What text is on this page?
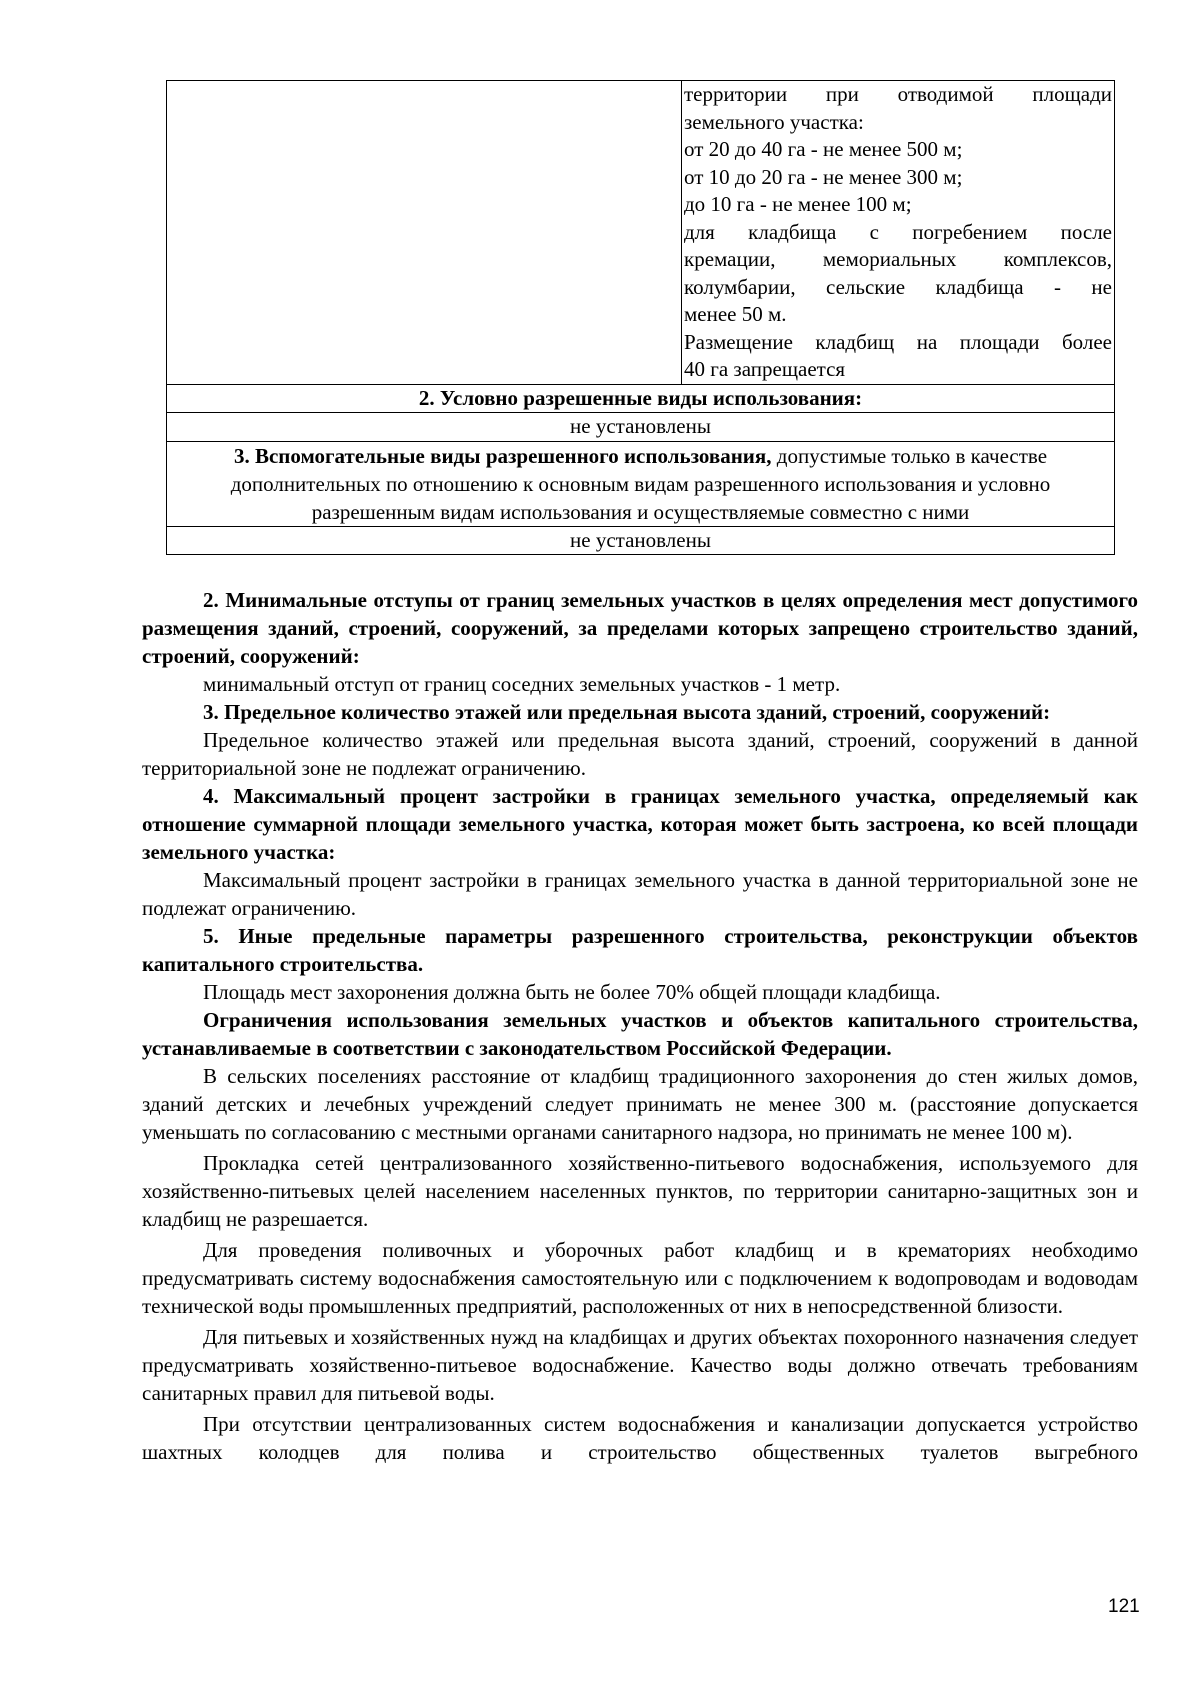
территории при отводимой площади

земельного участка:

от 20 до 40 га - не менее 500 м;

от 10 до 20 га - не менее 300 м;

до 10 га - не менее 100 м;

для кладбища с погребением после

кремации, мемориальных комплексов,

колумбарии, сельские кладбища - не

менее 50 м.

Размещение кладбищ на площади более

40 га запрещается

2. Условно разрешенные виды использования:
не установлены
3. Вспомогательные виды разрешенного использования, допустимые только в качестве дополнительных по отношению к основным видам разрешенного использования и условно разрешенным видам использования и осуществляемые совместно с ними
не установлены

2. Минимальные отступы от границ земельных участков в целях определения мест допустимого размещения зданий, строений, сооружений, за пределами которых запрещено строительство зданий, строений, сооружений:

минимальный отступ от границ соседних земельных участков - 1 метр.

3. Предельное количество этажей или предельная высота зданий, строений, сооружений:

Предельное количество этажей или предельная высота зданий, строений, сооружений в данной территориальной зоне не подлежат ограничению.

4. Максимальный процент застройки в границах земельного участка, определяемый как отношение суммарной площади земельного участка, которая может быть застроена, ко всей площади земельного участка:

Максимальный процент застройки в границах земельного участка в данной территориальной зоне не подлежат ограничению.

5. Иные предельные параметры разрешенного строительства, реконструкции объектов капитального строительства.

Площадь мест захоронения должна быть не более 70% общей площади кладбища.

Ограничения использования земельных участков и объектов капитального строительства, устанавливаемые в соответствии с законодательством Российской Федерации.

В сельских поселениях расстояние от кладбищ традиционного захоронения до стен жилых домов, зданий детских и лечебных учреждений следует принимать не менее 300 м. (расстояние допускается уменьшать по согласованию с местными органами санитарного надзора, но принимать не менее 100 м).

Прокладка сетей централизованного хозяйственно-питьевого водоснабжения, используемого для хозяйственно-питьевых целей населением населенных пунктов, по территории санитарно-защитных зон и кладбищ не разрешается.

Для проведения поливочных и уборочных работ кладбищ и в крематориях необходимо предусматривать систему водоснабжения самостоятельную или с подключением к водопроводам и водоводам технической воды промышленных предприятий, расположенных от них в непосредственной близости.

Для питьевых и хозяйственных нужд на кладбищах и других объектах похоронного назначения следует предусматривать хозяйственно-питьевое водоснабжение. Качество воды должно отвечать требованиям санитарных правил для питьевой воды.

При отсутствии централизованных систем водоснабжения и канализации допускается устройство шахтных колодцев для полива и строительство общественных туалетов выгребного

121
